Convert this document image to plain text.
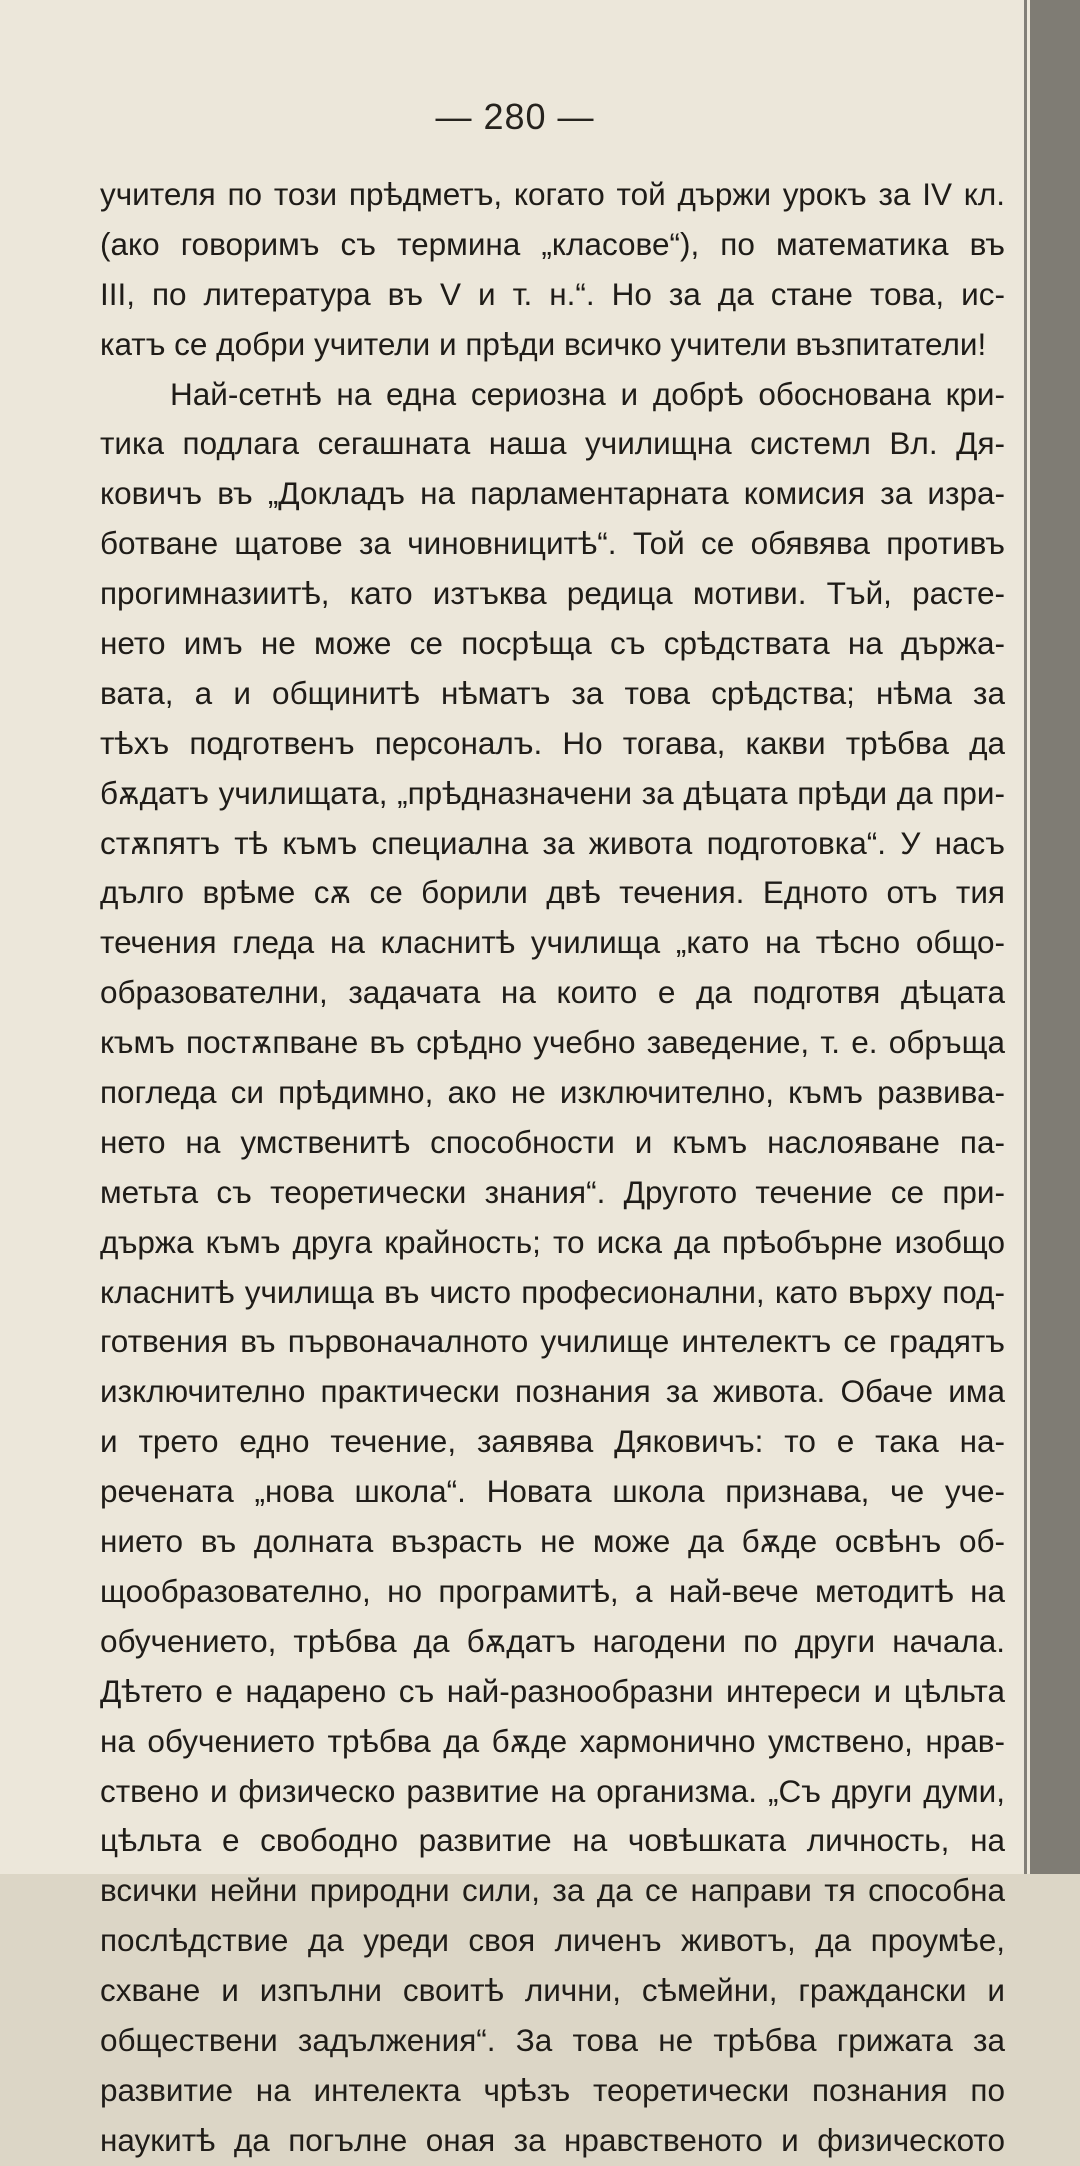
— 280 —
учителя по този прѣдметъ, когато той държи урокъ за IV кл.
(ако говоримъ съ термина „класове“), по математика въ
III, по литература въ V и т. н.“. Но за да стане това, ис-
катъ се добри учители и прѣди всичко учители възпитатели!
Най-сетнѣ на една сериозна и добрѣ обоснована кри-
тика подлага сегашната наша училищна системл Вл. Дя-
ковичъ въ „Докладъ на парламентарната комисия за изра-
ботване щатове за чиновницитѣ“. Той се обявява противъ
прогимназиитѣ, като изтъква редица мотиви. Тъй, расте-
нето имъ не може се посрѣща съ срѣдствата на държа-
вата, а и общинитѣ нѣматъ за това срѣдства; нѣма за
тѣхъ подготвенъ персоналъ. Но тогава, какви трѣбва да
бѫдатъ училищата, „прѣдназначени за дѣцата прѣди да при-
стѫпятъ тѣ къмъ специална за живота подготовка“. У насъ
дълго врѣме сѫ се борили двѣ течения. Едното отъ тия
течения гледа на класнитѣ училища „като на тѣсно общо-
образователни, задачата на които е да подготвя дѣцата
къмъ постѫпване въ срѣдно учебно заведение, т. е. обръща
погледа си прѣдимно, ако не изключително, къмъ развива-
нето на умственитѣ способности и къмъ наслояване па-
метьта съ теоретически знания“. Другото течение се при-
държа къмъ друга крайность; то иска да прѣобърне изобщо
класнитѣ училища въ чисто професионални, като върху под-
готвения въ първоначалното училище интелектъ се градятъ
изключително практически познания за живота. Обаче има
и трето едно течение, заявява Дяковичъ: то е така на-
речената „нова школа“. Новата школа признава, че уче-
нието въ долната възрасть не може да бѫде освѣнъ об-
щообразователно, но програмитѣ, а най-вече методитѣ на
обучението, трѣбва да бѫдатъ нагодени по други начала.
Дѣтето е надарено съ най-разнообразни интереси и цѣльта
на обучението трѣбва да бѫде хармонично умствено, нрав-
ствено и физическо развитие на организма. „Съ други думи,
цѣльта е свободно развитие на човѣшката личность, на
всички нейни природни сили, за да се направи тя способна
послѣдствие да уреди своя личенъ животъ, да проумѣе,
схване и изпълни своитѣ лични, сѣмейни, граждански и
обществени задължения“. За това не трѣбва грижата за
развитие на интелекта чрѣзъ теоретически познания по
наукитѣ да погълне оная за нравственото и физическото
